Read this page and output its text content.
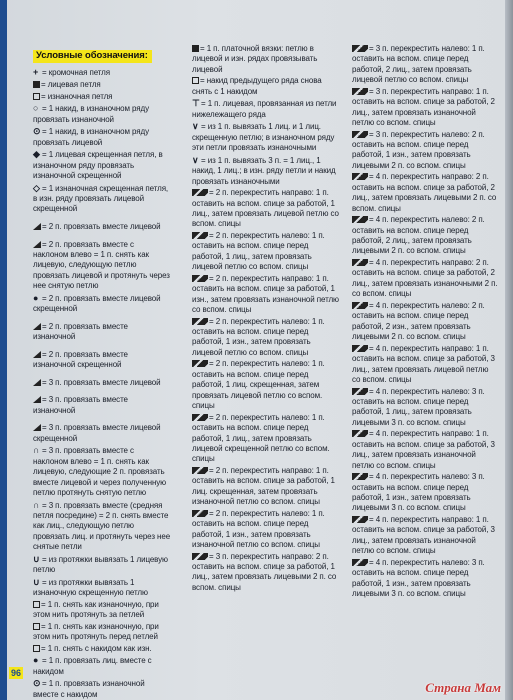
Условные обозначения:
+ = кромочная петля
= лицевая петля
= изнаночная петля
○ = 1 накид, в изнаночном ряду провязать изнаночной
⊙ = 1 накид, в изнаночном ряду провязать лицевой
◆ = 1 лицевая скрещенная петля, в изнаночном ряду провязать изнаночной скрещенной
◇ = 1 изнаночная скрещенная петля, в изн. ряду провязать лицевой скрещенной
= 2 п. провязать вместе лицевой
= 2 п. провязать вместе с наклоном влево = 1 п. снять как лицевую, следующую петлю провязать лицевой и протянуть через нее снятую петлю
● = 2 п. провязать вместе лицевой скрещенной
= 2 п. провязать вместе изнаночной
= 2 п. провязать вместе изнаночной скрещенной
= 3 п. провязать вместе лицевой
= 3 п. провязать вместе изнаночной
= 3 п. провязать вместе лицевой скрещенной
∩ = 3 п. провязать вместе с наклоном влево = 1 п. снять как лицевую, следующие 2 п. провязать вместе лицевой и через полученную петлю протянуть снятую петлю
∩ = 3 п. провязать вместе (средняя петля посредине) = 2 п. снять вместе как лиц., следующую петлю провязать лиц. и протянуть через нее снятые петли
∪ = из протяжки вывязать 1 лицевую петлю
∪ = из протяжки вывязать 1 изнаночную скрещенную петлю
= 1 п. снять как изнаночную, при этом нить протянуть за петлей
= 1 п. снять как изнаночную, при этом нить протянуть перед петлей
= 1 п. снять с накидом как изн.
● = 1 п. провязать лиц. вместе с накидом
⊙ = 1 п. провязать изнаночной вместе с накидом
= 1 п. платочной вязки: петлю в лицевой и изн. рядах провязывать лицевой
= накид предыдущего ряда снова снять с 1 накидом
⊤= 1 п. лицевая, провязанная из петли нижележащего ряда
∨ = из 1 п. вывязать 1 лиц. и 1 лиц. скрещенную петлю; в изнаночном ряду эти петли провязать изнаночными
∨ = из 1 п. вывязать 3 п. = 1 лиц., 1 накид, 1 лиц.; в изн. ряду петли и накид провязать изнаночными
= 2 п. перекрестить направо: 1 п. оставить на вспом. спице за работой, 1 лиц., затем провязать лицевой петлю со вспом. спицы
= 2 п. перекрестить налево: 1 п. оставить на вспом. спице перед работой, 1 лиц., затем провязать лицевой петлю со вспом. спицы
= 2 п. перекрестить направо: 1 п. оставить на вспом. спице за работой, 1 изн., затем провязать изнаночной петлю со вспом. спицы
= 2 п. перекрестить налево: 1 п. оставить на вспом. спице перед работой, 1 изн., затем провязать лицевой петлю со вспом. спицы
= 2 п. перекрестить налево: 1 п. оставить на вспом. спице перед работой, 1 лиц. скрещенная, затем провязать лицевой петлю со вспом. спицы
= 2 п. перекрестить налево: 1 п. оставить на вспом. спице перед работой, 1 лиц., затем провязать лицевой скрещенной петлю со вспом. спицы
= 2 п. перекрестить направо: 1 п. оставить на вспом. спице за работой, 1 лиц. скрещенная, затем провязать изнаночной петлю со вспом. спицы
= 2 п. перекрестить налево: 1 п. оставить на вспом. спице перед работой, 1 изн., затем провязать изнаночной петлю со вспом. спицы
= 3 п. перекрестить направо: 2 п. оставить на вспом. спице за работой, 1 лиц., затем провязать лицевыми 2 п. со вспом. спицы
= 3 п. перекрестить налево: 1 п. оставить на вспом. спице перед работой, 2 лиц., затем провязать лицевой петлю со вспом. спицы
= 3 п. перекрестить направо: 1 п. оставить на вспом. спице за работой, 2 лиц., затем провязать изнаночной петлю со вспом. спицы
= 3 п. перекрестить налево: 2 п. оставить на вспом. спице перед работой, 1 изн., затем провязать лицевыми 2 п. со вспом. спицы
= 4 п. перекрестить направо: 2 п. оставить на вспом. спице за работой, 2 лиц., затем провязать лицевыми 2 п. со вспом. спицы
= 4 п. перекрестить налево: 2 п. оставить на вспом. спице перед работой, 2 лиц., затем провязать лицевыми 2 п. со вспом. спицы
= 4 п. перекрестить направо: 2 п. оставить на вспом. спице за работой, 2 лиц., затем провязать изнаночными 2 п. со вспом. спицы
= 4 п. перекрестить налево: 2 п. оставить на вспом. спице перед работой, 2 изн., затем провязать лицевыми 2 п. со вспом. спицы
= 4 п. перекрестить направо: 1 п. оставить на вспом. спице за работой, 3 лиц., затем провязать лицевой петлю со вспом. спицы
= 4 п. перекрестить налево: 3 п. оставить на вспом. спице перед работой, 1 лиц., затем провязать лицевыми 3 п. со вспом. спицы
= 4 п. перекрестить направо: 1 п. оставить на вспом. спице за работой, 3 лиц., затем провязать изнаночной петлю со вспом. спицы
= 4 п. перекрестить налево: 3 п. оставить на вспом. спице перед работой, 1 изн., затем провязать лицевыми 3 п. со вспом. спицы
= 4 п. перекрестить направо: 1 п. оставить на вспом. спице за работой, 3 лиц., затем провязать изнаночной петлю со вспом. спицы
= 4 п. перекрестить налево: 3 п. оставить на вспом. спице перед работой, 1 изн., затем провязать лицевыми 3 п. со вспом. спицы
96
Страна Мам
